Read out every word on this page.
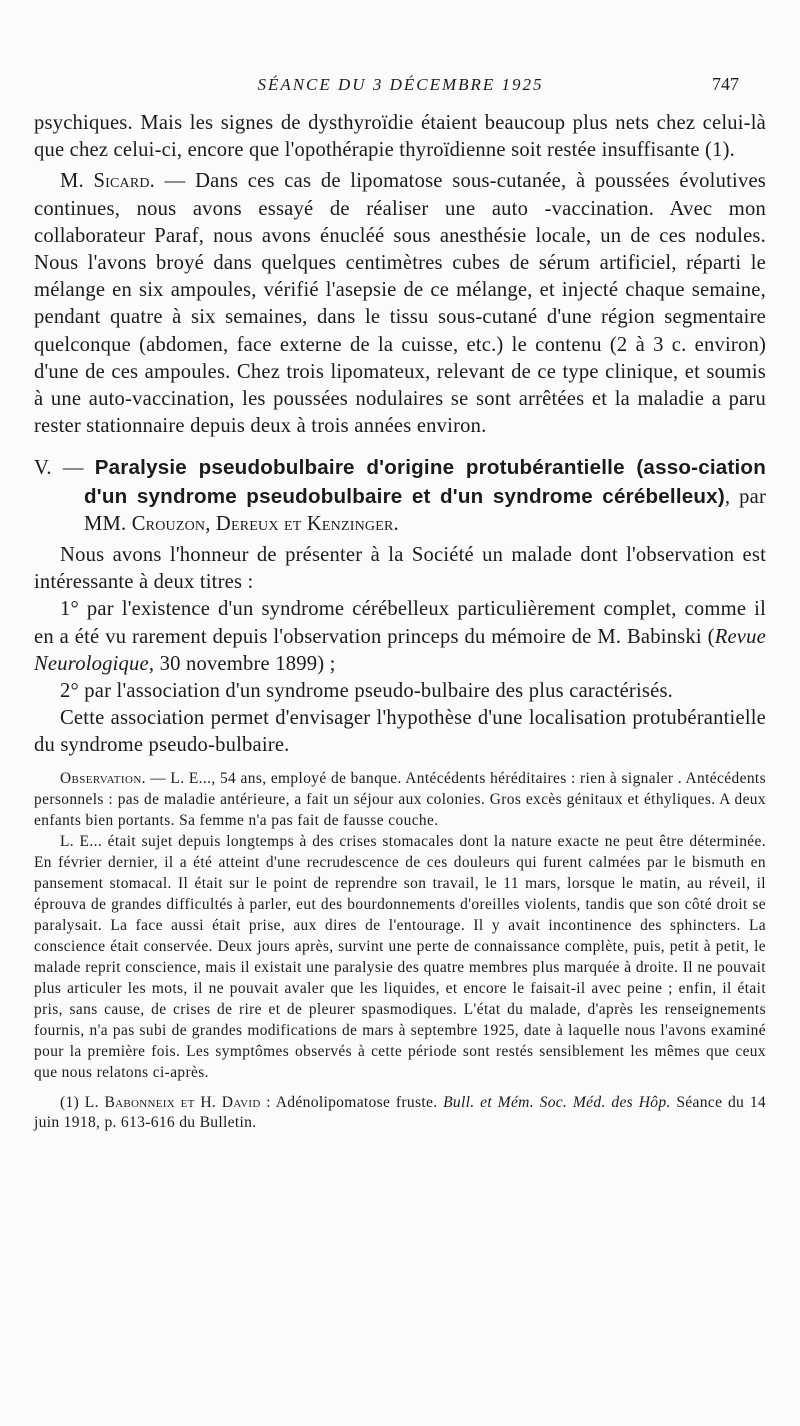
SÉANCE DU 3 DÉCEMBRE 1925	747

psychiques. Mais les signes de dysthyroïdie étaient beaucoup plus nets chez celui-là que chez celui-ci, encore que l'opothérapie thyroïdienne soit restée insuffisante (1).

M. Sicard. — Dans ces cas de lipomatose sous-cutanée, à poussées évolutives continues, nous avons essayé de réaliser une auto -vaccination. Avec mon collaborateur Paraf, nous avons énucléé sous anesthésie locale, un de ces nodules. Nous l'avons broyé dans quelques centimètres cubes de sérum artificiel, réparti le mélange en six ampoules, vérifié l'asepsie de ce mélange, et injecté chaque semaine, pendant quatre à six semaines, dans le tissu sous-cutané d'une région segmentaire quelconque (abdomen, face externe de la cuisse, etc.) le contenu (2 à 3 c. environ) d'une de ces ampoules. Chez trois lipomateux, relevant de ce type clinique, et soumis à une auto-vaccination, les poussées nodulaires se sont arrêtées et la maladie a paru rester stationnaire depuis deux à trois années environ.

V. — Paralysie pseudobulbaire d'origine protubérantielle (asso-ciation d'un syndrome pseudobulbaire et d'un syndrome cérébelleux), par MM. Crouzon, Dereux et Kenzinger.

Nous avons l'honneur de présenter à la Société un malade dont l'observation est intéressante à deux titres :

1° par l'existence d'un syndrome cérébelleux particulièrement complet, comme il en a été vu rarement depuis l'observation princeps du mémoire de M. Babinski (Revue Neurologique, 30 novembre 1899) ;

2° par l'association d'un syndrome pseudo-bulbaire des plus caractérisés.

Cette association permet d'envisager l'hypothèse d'une localisation protubérantielle du syndrome pseudo-bulbaire.

Observation. — L. E..., 54 ans, employé de banque. Antécédents héréditaires : rien à signaler . Antécédents personnels : pas de maladie antérieure, a fait un séjour aux colonies. Gros excès génitaux et éthyliques. A deux enfants bien portants. Sa femme n'a pas fait de fausse couche.

L. E... était sujet depuis longtemps à des crises stomacales dont la nature exacte ne peut être déterminée. En février dernier, il a été atteint d'une recrudescence de ces douleurs qui furent calmées par le bismuth en pansement stomacal. Il était sur le point de reprendre son travail, le 11 mars, lorsque le matin, au réveil, il éprouva de grandes difficultés à parler, eut des bourdonnements d'oreilles violents, tandis que son côté droit se paralysait. La face aussi était prise, aux dires de l'entourage. Il y avait incontinence des sphincters. La conscience était conservée. Deux jours après, survint une perte de connaissance complète, puis, petit à petit, le malade reprit conscience, mais il existait une paralysie des quatre membres plus marquée à droite. Il ne pouvait plus articuler les mots, il ne pouvait avaler que les liquides, et encore le faisait-il avec peine ; enfin, il était pris, sans cause, de crises de rire et de pleurer spasmodiques. L'état du malade, d'après les renseignements fournis, n'a pas subi de grandes modifications de mars à septembre 1925, date à laquelle nous l'avons examiné pour la première fois. Les symptômes observés à cette période sont restés sensiblement les mêmes que ceux que nous relatons ci-après.

(1) L. Babonneix et H. David : Adénolipomatose fruste. Bull. et Mém. Soc. Méd. des Hôp. Séance du 14 juin 1918, p. 613-616 du Bulletin.
